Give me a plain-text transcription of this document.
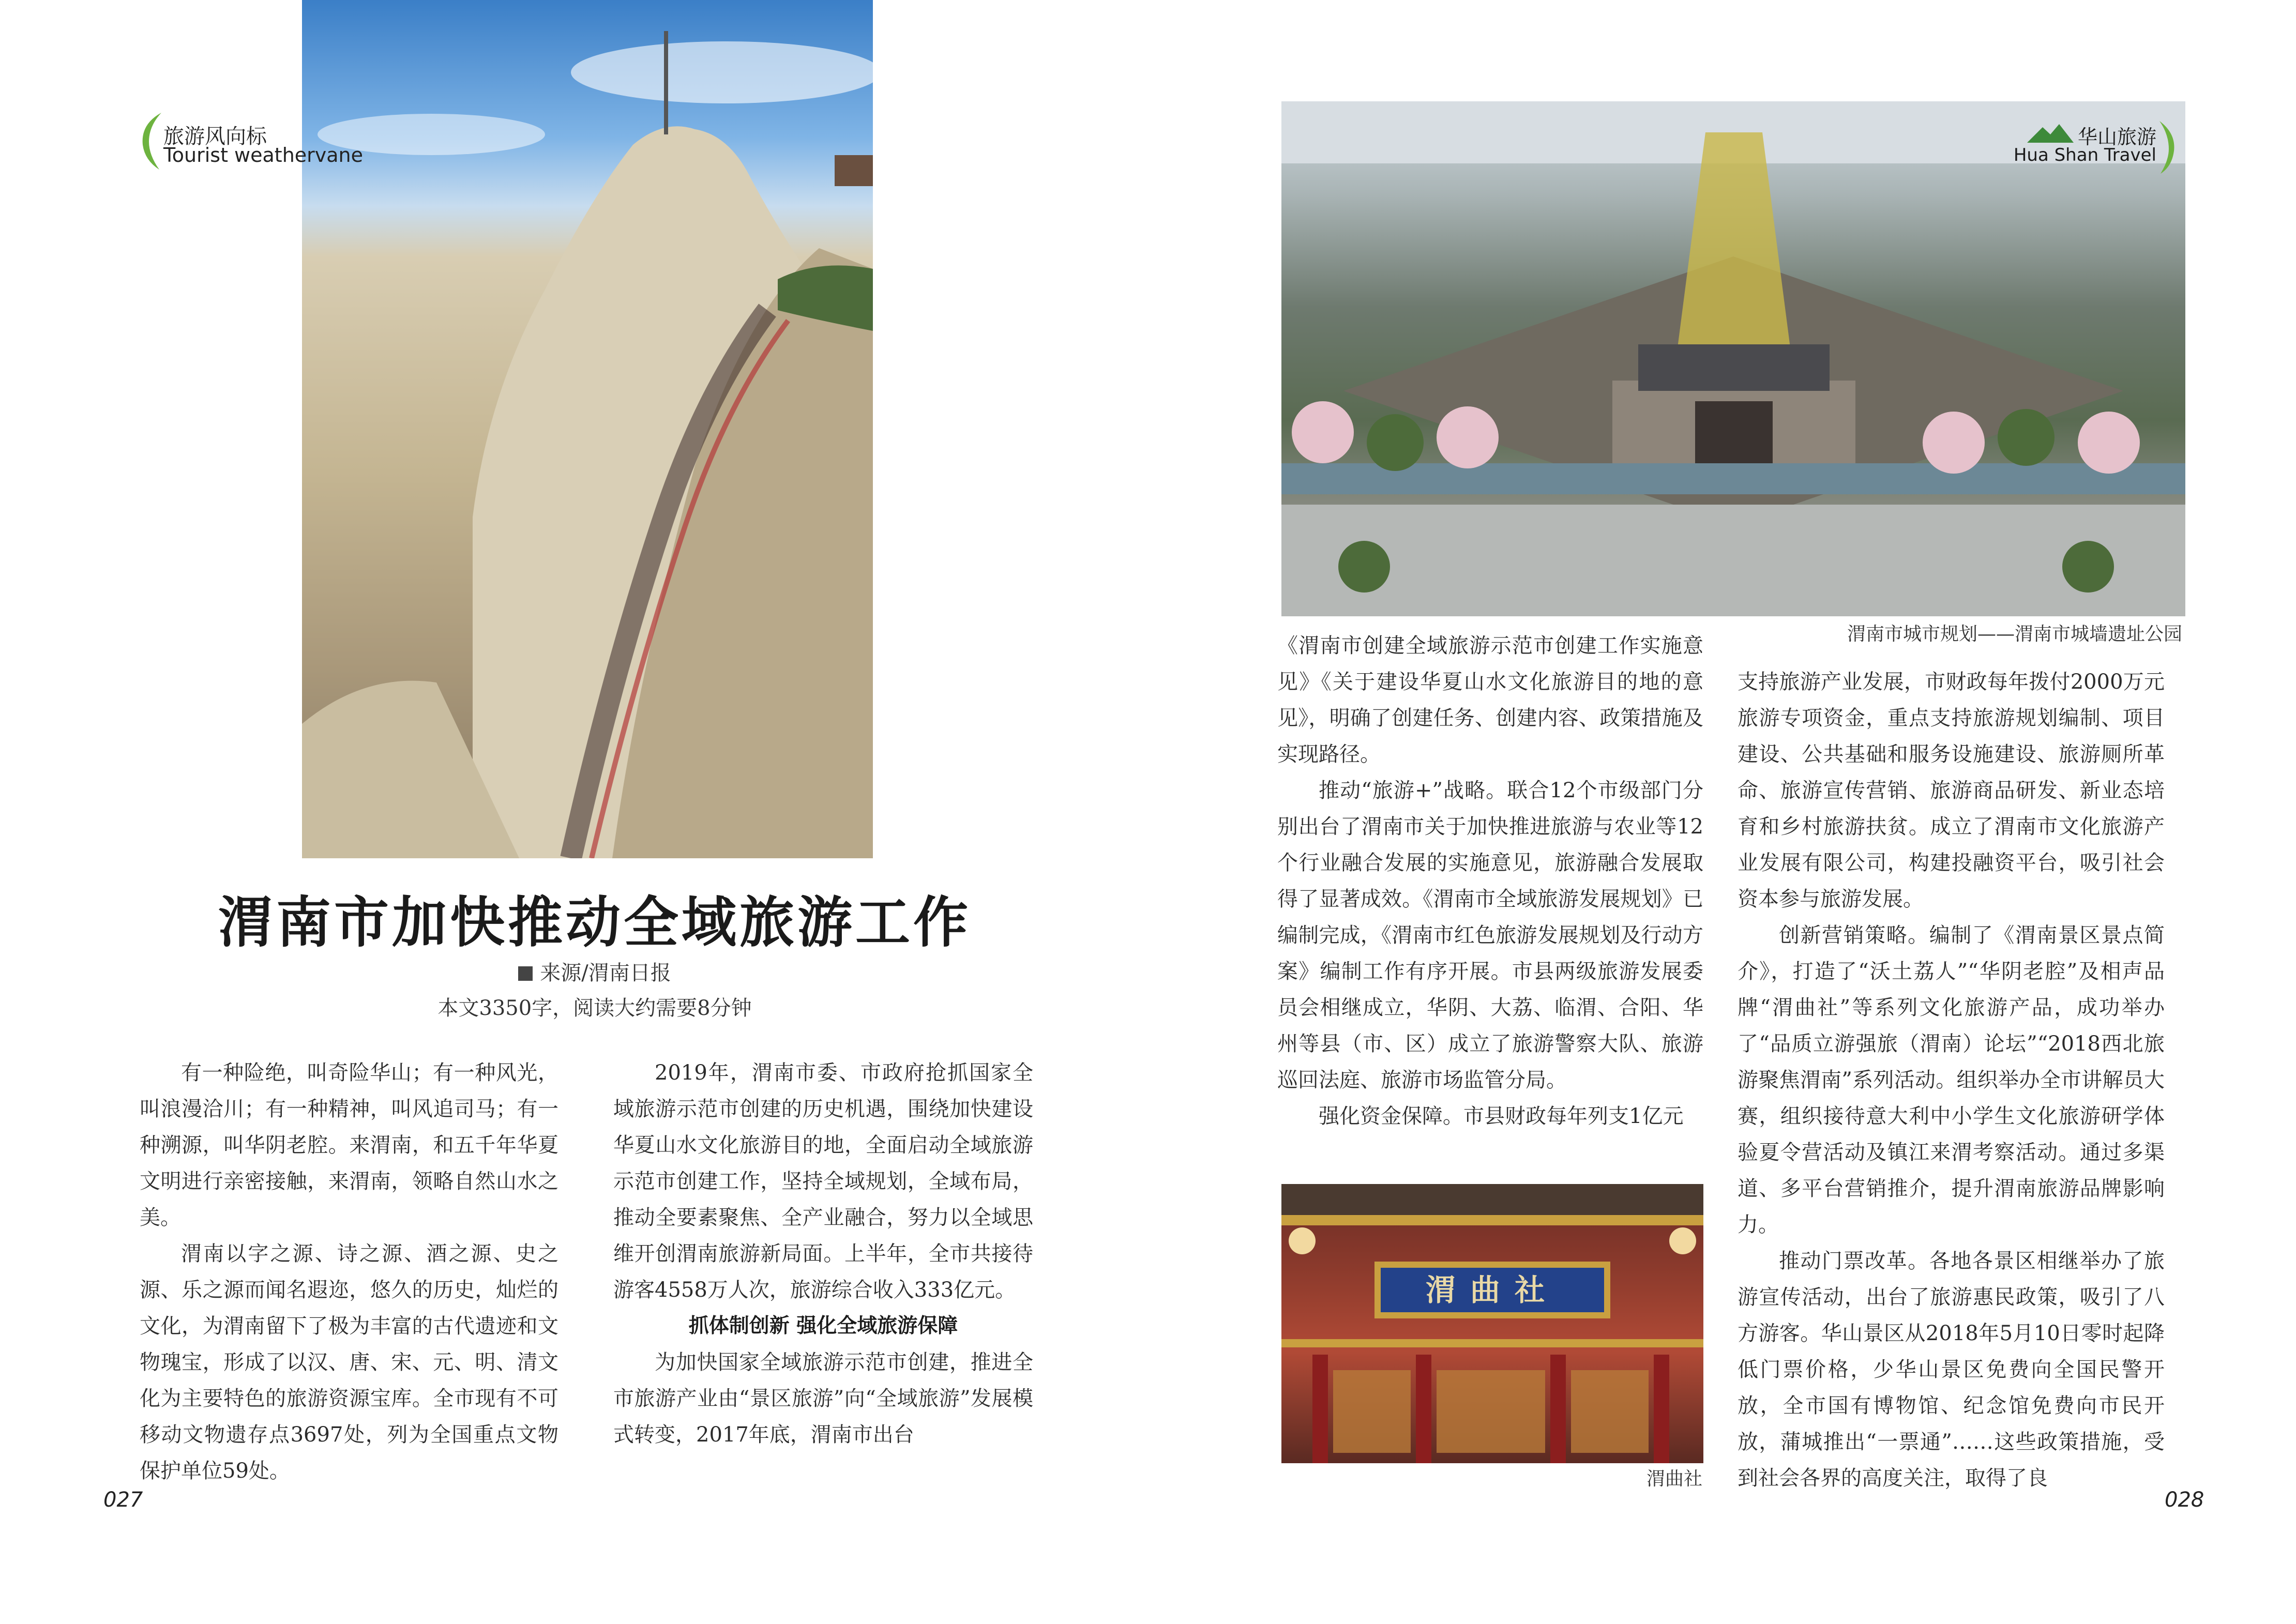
旅游风向标
Tourist weathervane
华山旅游
Hua Shan Travel
渭南市城市规划——渭南市城墙遗址公园
渭南市加快推动全域旅游工作
来源/渭南日报
本文3350字，阅读大约需要8分钟

有一种险绝，叫奇险华山；有一种风光，叫浪漫洽川；有一种精神，叫风追司马；有一种溯源，叫华阴老腔。来渭南，和五千年华夏文明进行亲密接触，来渭南，领略自然山水之美。

渭南以字之源、诗之源、酒之源、史之源、乐之源而闻名遐迩，悠久的历史，灿烂的文化，为渭南留下了极为丰富的古代遗迹和文物瑰宝，形成了以汉、唐、宋、元、明、清文化为主要特色的旅游资源宝库。全市现有不可移动文物遗存点3697处，列为全国重点文物保护单位59处。

2019年，渭南市委、市政府抢抓国家全域旅游示范市创建的历史机遇，围绕加快建设华夏山水文化旅游目的地，全面启动全域旅游示范市创建工作，坚持全域规划，全域布局，推动全要素聚焦、全产业融合，努力以全域思维开创渭南旅游新局面。上半年，全市共接待游客4558万人次，旅游综合收入333亿元。

抓体制创新 强化全域旅游保障

为加快国家全域旅游示范市创建，推进全市旅游产业由“景区旅游”向“全域旅游”发展模式转变，2017年底，渭南市出台

《渭南市创建全域旅游示范市创建工作实施意见》《关于建设华夏山水文化旅游目的地的意见》，明确了创建任务、创建内容、政策措施及实现路径。

推动“旅游+”战略。联合12个市级部门分别出台了渭南市关于加快推进旅游与农业等12个行业融合发展的实施意见，旅游融合发展取得了显著成效。《渭南市全域旅游发展规划》已编制完成，《渭南市红色旅游发展规划及行动方案》编制工作有序开展。市县两级旅游发展委员会相继成立，华阴、大荔、临渭、合阳、华州等县（市、区）成立了旅游警察大队、旅游巡回法庭、旅游市场监管分局。

强化资金保障。市县财政每年列支1亿元

支持旅游产业发展，市财政每年拨付2000万元旅游专项资金，重点支持旅游规划编制、项目建设、公共基础和服务设施建设、旅游厕所革命、旅游宣传营销、旅游商品研发、新业态培育和乡村旅游扶贫。成立了渭南市文化旅游产业发展有限公司，构建投融资平台，吸引社会资本参与旅游发展。

创新营销策略。编制了《渭南景区景点简介》，打造了“沃土荔人”“华阴老腔”及相声品牌“渭曲社”等系列文化旅游产品，成功举办了“品质立游强旅（渭南）论坛”“2018西北旅游聚焦渭南”系列活动。组织举办全市讲解员大赛，组织接待意大利中小学生文化旅游研学体验夏令营活动及镇江来渭考察活动。通过多渠道、多平台营销推介，提升渭南旅游品牌影响力。

推动门票改革。各地各景区相继举办了旅游宣传活动，出台了旅游惠民政策，吸引了八方游客。华山景区从2018年5月10日零时起降低门票价格，少华山景区免费向全国民警开放，全市国有博物馆、纪念馆免费向市民开放，蒲城推出“一票通”……这些政策措施，受到社会各界的高度关注，取得了良

渭曲社
渭曲社
027	028
